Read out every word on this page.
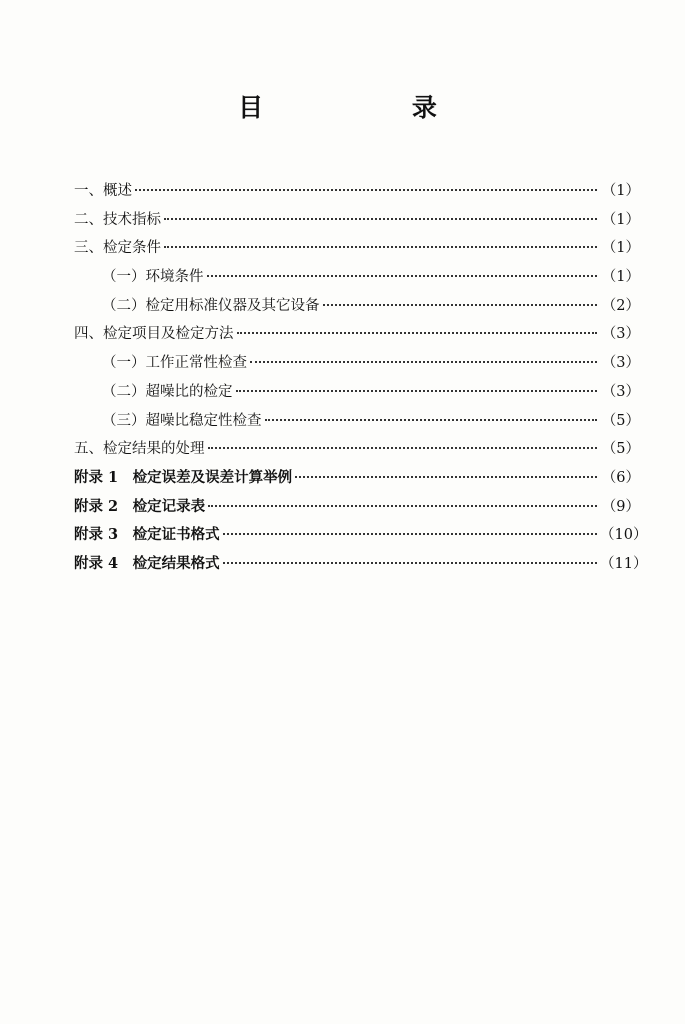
目 录
一、概述	（1）
二、技术指标	（1）
三、检定条件	（1）
（一）环境条件	（1）
（二）检定用标准仪器及其它设备	（2）
四、检定项目及检定方法	（3）
（一）工作正常性检查	（3）
（二）超噪比的检定	（3）
（三）超噪比稳定性检查	（5）
五、检定结果的处理	（5）
附录 1　检定误差及误差计算举例	（6）
附录 2　检定记录表	（9）
附录 3　检定证书格式	（10）
附录 4　检定结果格式	（11）
